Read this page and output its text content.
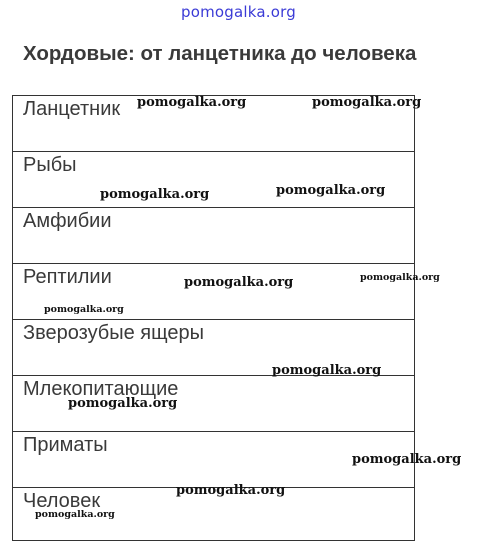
pomogalka.org
Хордовые: от ланцетника до человека
Ланцетник
Рыбы
Амфибии
Рептилии
Зверозубые ящеры
Млекопитающие
Приматы
Человек
pomogalka.org	pomogalka.org
pomogalka.org	pomogalka.org
pomogalka.org	pomogalka.org
pomogalka.org
pomogalka.org
pomogalka.org
pomogalka.org
pomogalka.org
pomogalka.org
